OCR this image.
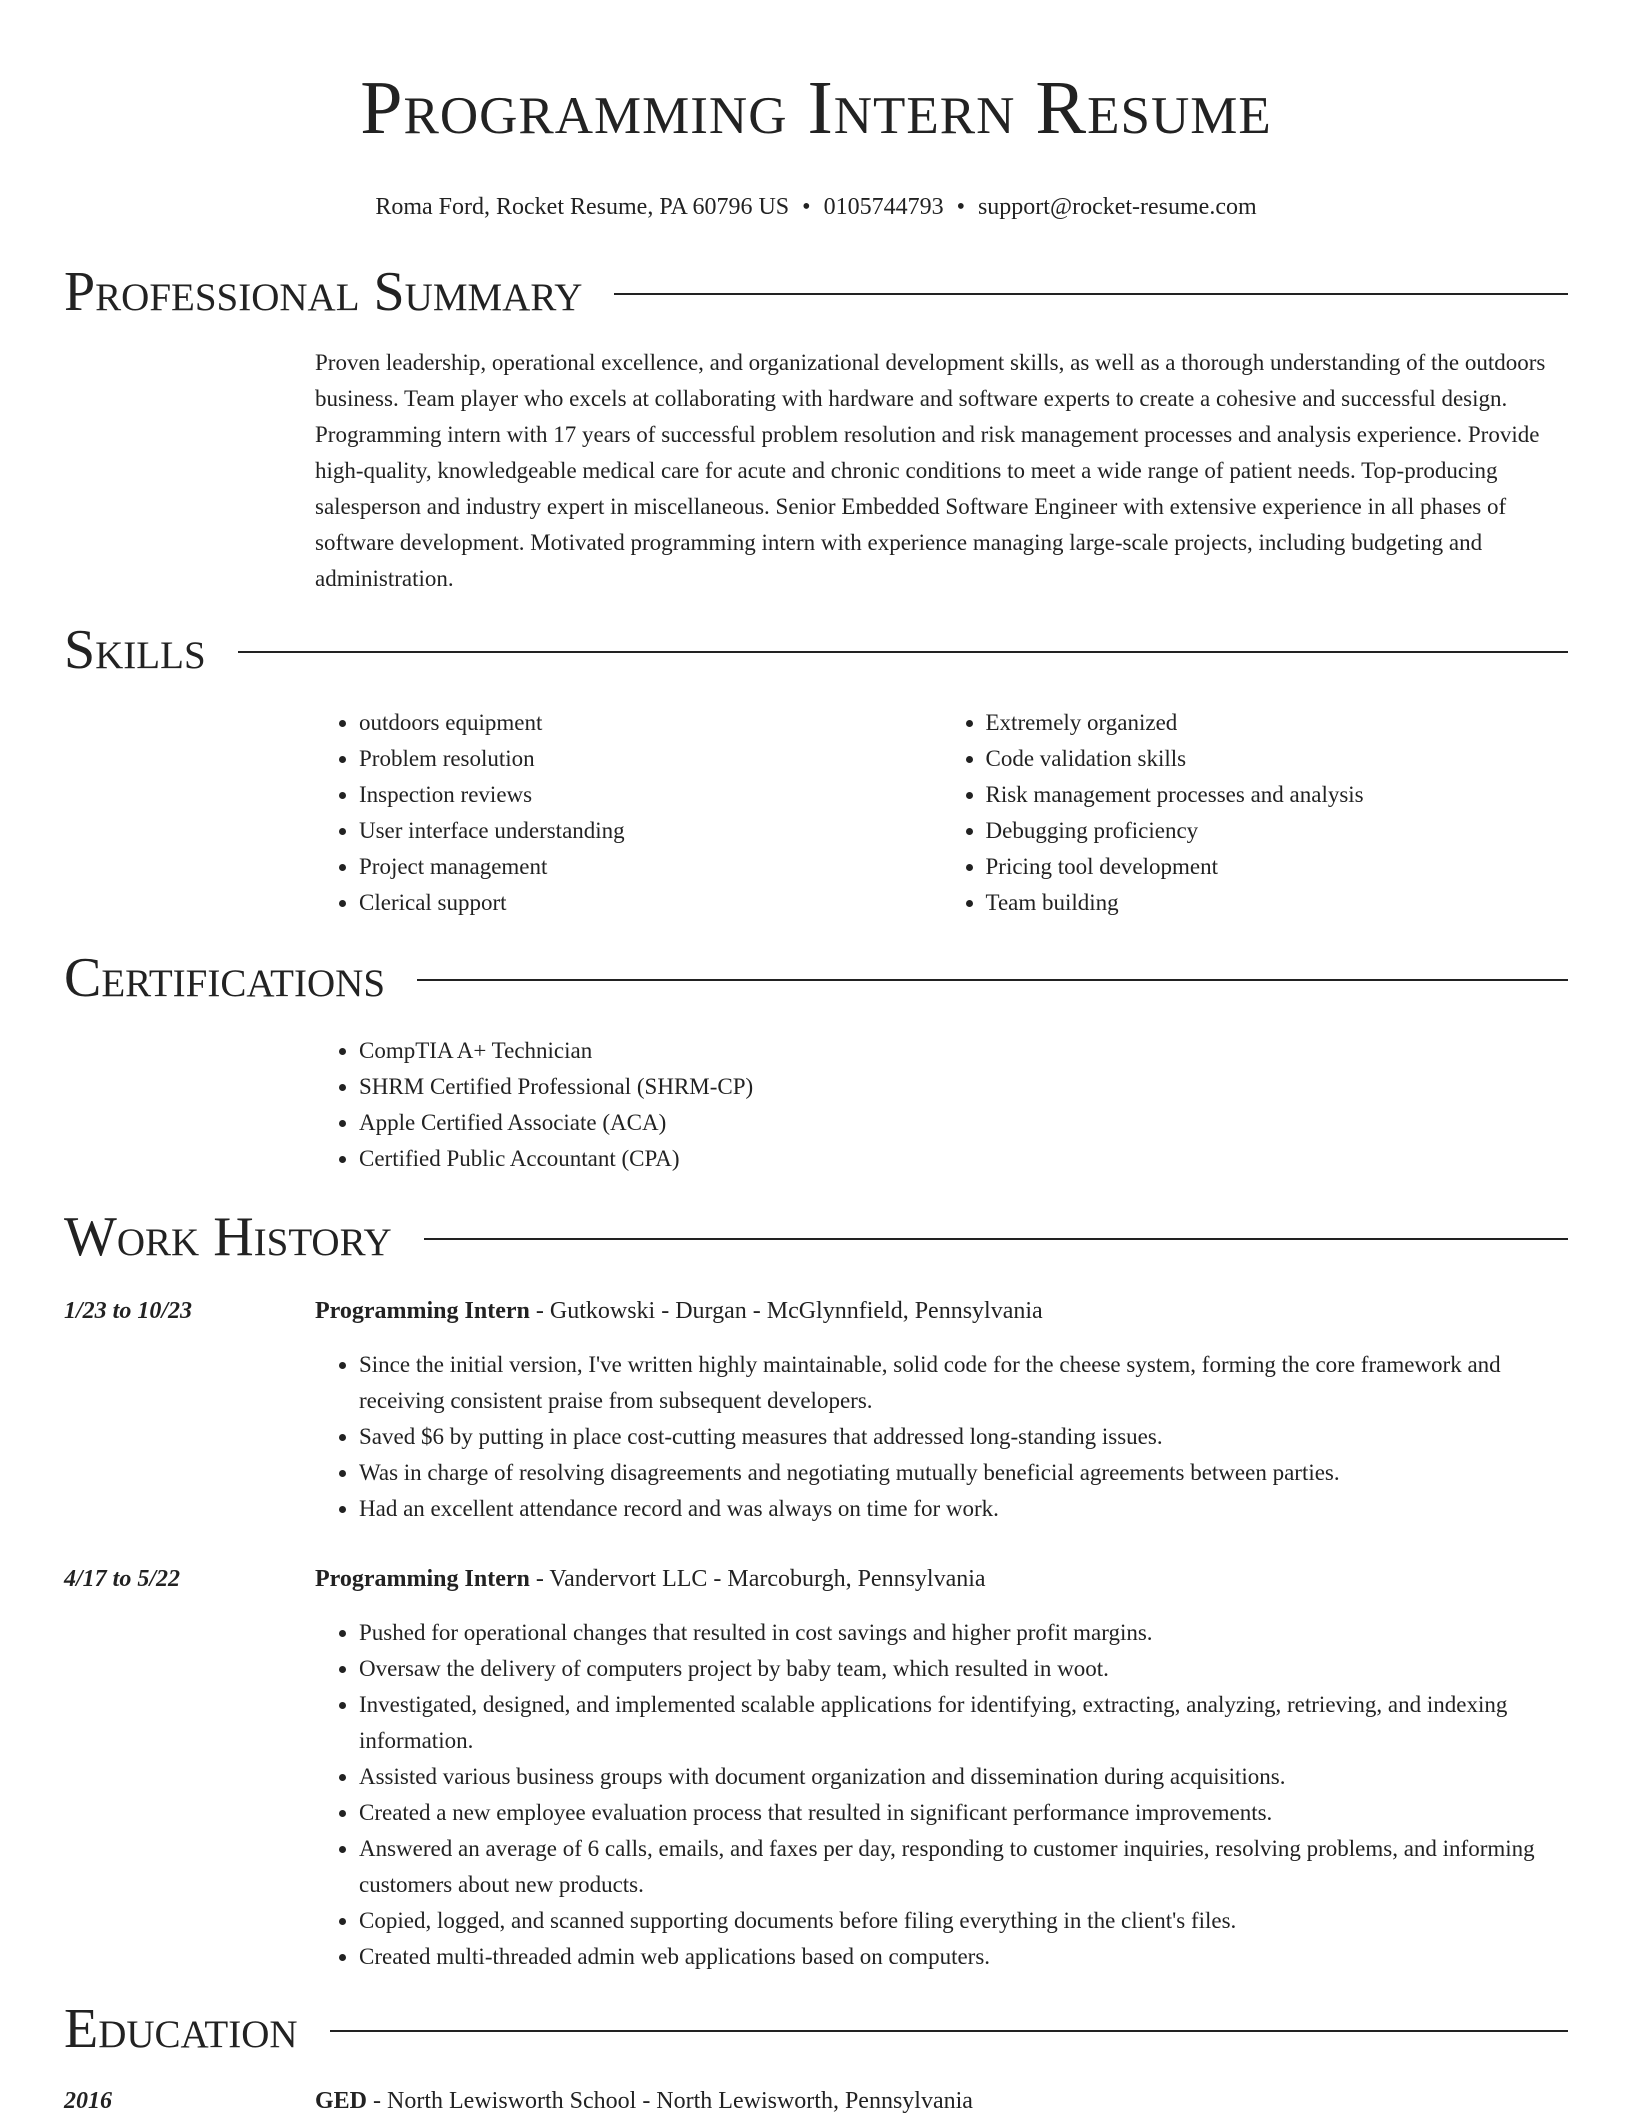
Programming Intern Resume
Roma Ford, Rocket Resume, PA 60796 US • 0105744793 • support@rocket-resume.com
Professional Summary
Proven leadership, operational excellence, and organizational development skills, as well as a thorough understanding of the outdoors business. Team player who excels at collaborating with hardware and software experts to create a cohesive and successful design. Programming intern with 17 years of successful problem resolution and risk management processes and analysis experience. Provide high-quality, knowledgeable medical care for acute and chronic conditions to meet a wide range of patient needs. Top-producing salesperson and industry expert in miscellaneous. Senior Embedded Software Engineer with extensive experience in all phases of software development. Motivated programming intern with experience managing large-scale projects, including budgeting and administration.
Skills
• outdoors equipment
• Problem resolution
• Inspection reviews
• User interface understanding
• Project management
• Clerical support
• Extremely organized
• Code validation skills
• Risk management processes and analysis
• Debugging proficiency
• Pricing tool development
• Team building
Certifications
• CompTIA A+ Technician
• SHRM Certified Professional (SHRM-CP)
• Apple Certified Associate (ACA)
• Certified Public Accountant (CPA)
Work History
1/23 to 10/23	Programming Intern - Gutkowski - Durgan - McGlynnfield, Pennsylvania
• Since the initial version, I've written highly maintainable, solid code for the cheese system, forming the core framework and receiving consistent praise from subsequent developers.
• Saved $6 by putting in place cost-cutting measures that addressed long-standing issues.
• Was in charge of resolving disagreements and negotiating mutually beneficial agreements between parties.
• Had an excellent attendance record and was always on time for work.
4/17 to 5/22	Programming Intern - Vandervort LLC - Marcoburgh, Pennsylvania
• Pushed for operational changes that resulted in cost savings and higher profit margins.
• Oversaw the delivery of computers project by baby team, which resulted in woot.
• Investigated, designed, and implemented scalable applications for identifying, extracting, analyzing, retrieving, and indexing information.
• Assisted various business groups with document organization and dissemination during acquisitions.
• Created a new employee evaluation process that resulted in significant performance improvements.
• Answered an average of 6 calls, emails, and faxes per day, responding to customer inquiries, resolving problems, and informing customers about new products.
• Copied, logged, and scanned supporting documents before filing everything in the client's files.
• Created multi-threaded admin web applications based on computers.
Education
2016	GED - North Lewisworth School - North Lewisworth, Pennsylvania
